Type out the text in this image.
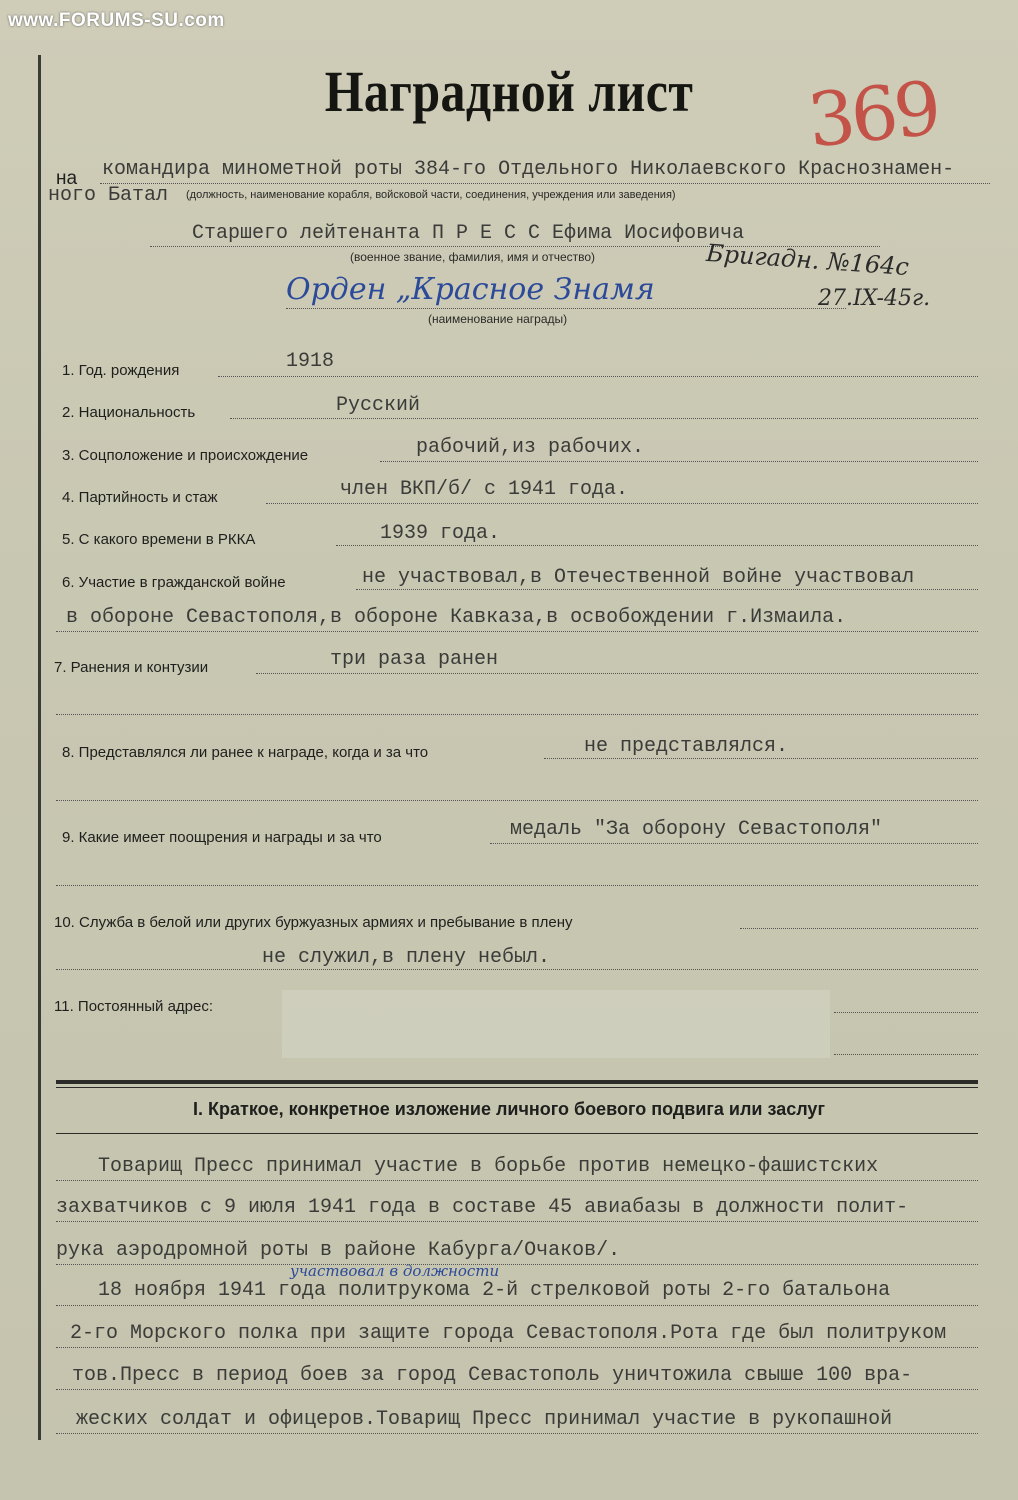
www.FORUMS-SU.com
Наградной лист	369
на командира минометной роты 384-го Отдельного Николаевского Краснознамен-
ного Батал (должность, наименование корабля, войсковой части, соединения, учреждения или заведения)
Старшего лейтенанта П Р Е С С Ефима Иосифовича
(военное звание, фамилия, имя и отчество)
Орден „Красное Знамя
Бригадн. №164с
27.IX-45г.
(наименование награды)
1. Год. рождения	1918
2. Национальность	Русский
3. Соцположение и происхождение	рабочий,из рабочих.
4. Партийность и стаж	член ВКП/б/ с 1941 года.
5. С какого времени в РККА	1939 года.
6. Участие в гражданской войне	не участвовал,в Отечественной войне участвовал
в обороне Севастополя,в обороне Кавказа,в освобождении г.Измаила.
7. Ранения и контузии	три раза ранен
8. Представлялся ли ранее к награде, когда и за что	не представлялся.
9. Какие имеет поощрения и награды и за что	медаль "За оборону Севастополя"
10. Служба в белой или других буржуазных армиях и пребывание в плену
не служил,в плену небыл.
11. Постоянный адрес:
I. Краткое, конкретное изложение личного боевого подвига или заслуг
Товарищ Пресс принимал участие в борьбе против немецко-фашистских
захватчиков с 9 июля 1941 года в составе 45 авиабазы в должности полит-
рука аэродромной роты в районе Кабурга/Очаков/.
участвовал в должности
18 ноября 1941 года политрукома 2-й стрелковой роты 2-го батальона
2-го Морского полка при защите города Севастополя.Рота где был политруком
тов.Пресс в период боев за город Севастополь уничтожила свыше 100 вра-
жеских солдат и офицеров.Товарищ Пресс принимал участие в рукопашной
